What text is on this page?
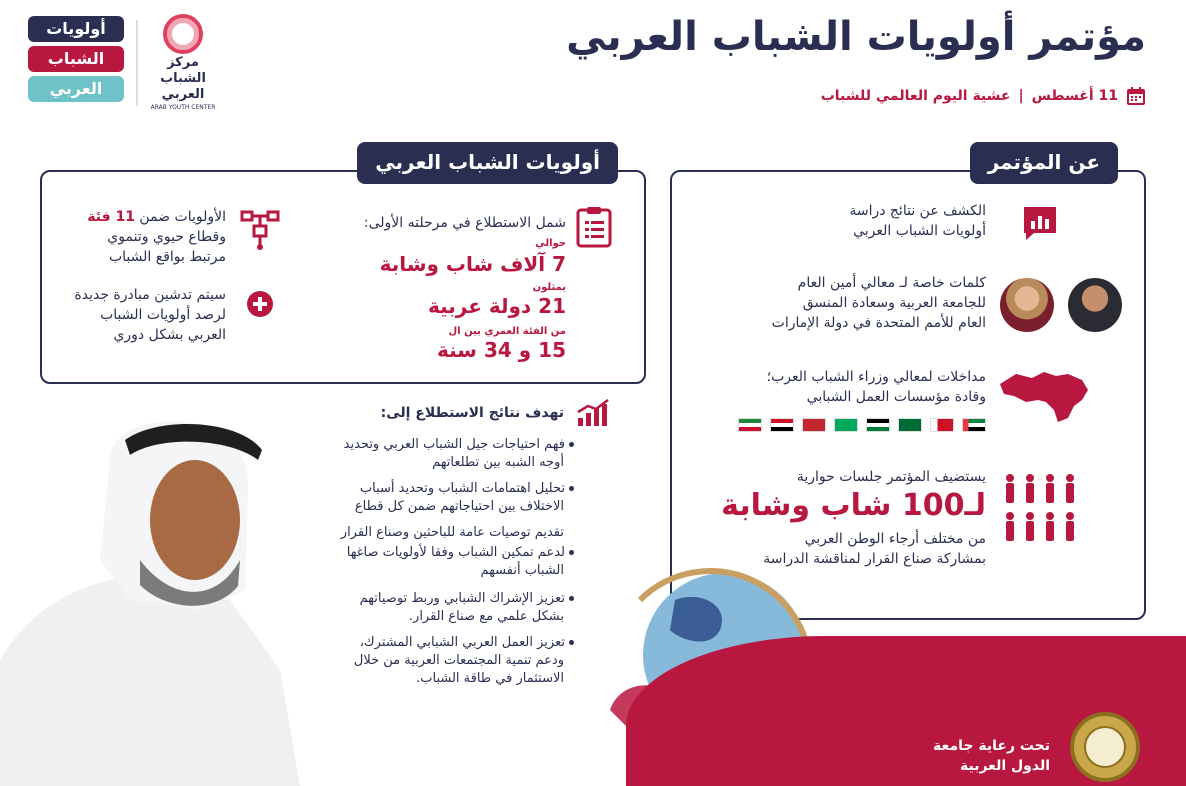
مؤتمر أولويات الشباب العربي
11 أغسطس
|
عشية اليوم العالمي للشباب
أولويات
الشباب
العربي
مركز
الشباب
العربي
ARAB YOUTH CENTER
عن المؤتمر
الكشف عن نتائج دراسة
أولويات الشباب العربي
كلمات خاصة لـ معالي أمين العام
للجامعة العربية وسعادة المنسق
العام للأمم المتحدة في دولة الإمارات
مداخلات لمعالي وزراء الشباب العرب؛
وقادة مؤسسات العمل الشبابي
يستضيف المؤتمر جلسات حوارية
لـ100 شاب وشابة
من مختلف أرجاء الوطن العربي
بمشاركة صناع القرار لمناقشة الدراسة
أولويات الشباب العربي
شمل الاستطلاع في مرحلته الأولى:
حوالي
7 آلاف شاب وشابة
يمثلون
21 دولة عربية
من الفئة العمري بين ال
15 و 34 سنة
الأولويات ضمن 11 فئة
وقطاع حيوي وتنموي
مرتبط بواقع الشباب
سيتم تدشين مبادرة جديدة
لرصد أولويات الشباب
العربي بشكل دوري
تهدف نتائج الاستطلاع إلى:
فهم احتياجات جيل الشباب العربي وتحديد
أوجه الشبه بين تطلعاتهم
تحليل اهتمامات الشباب وتحديد أسباب
الاختلاف بين احتياجاتهم ضمن كل قطاع
تقديم توصيات عامة للباحثين وصناع القرار
لدعم تمكين الشباب وفقا لأولويات صاغها
الشباب أنفسهم
تعزيز الإشراك الشبابي وربط توصياتهم
بشكل علمي مع صناع القرار.
تعزيز العمل العربي الشبابي المشترك،
ودعم تنمية المجتمعات العربية من خلال
الاستثمار في طاقة الشباب.
تحت رعاية جامعة
الدول العربية
